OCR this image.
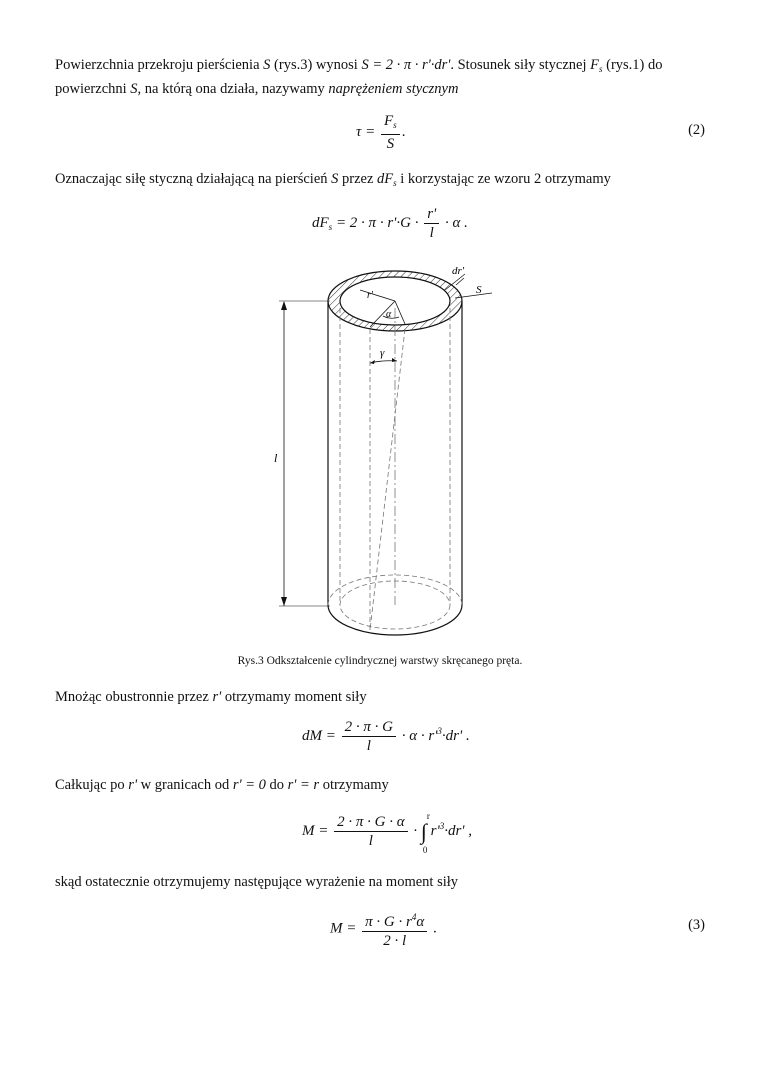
Powierzchnia przekroju pierścienia S (rys.3) wynosi S = 2 · π · r'·dr'. Stosunek siły stycznej $F_s$ (rys.1) do powierzchni S, na którą ona działa, nazywamy naprężeniem stycznym

$\tau = \frac{F_s}{S}$ .	(2)

Oznaczając siłę styczną działającą na pierścień S przez $dF_s$ i korzystając ze wzoru 2 otrzymamy

$dF_s = 2 \cdot \pi \cdot r'\cdot G \cdot \frac{r'}{l} \cdot \alpha$ .
dr'
S
r'
α
γ
l
Rys.3 Odkształcenie cylindrycznej warstwy skręcanego pręta.

Mnożąc obustronnie przez r' otrzymamy moment siły

dM = $\frac{2 \cdot \pi \cdot G}{l} \cdot \alpha \cdot r'^3\cdot dr'$ .

Całkując po r' w granicach od r' = 0 do r' = r otrzymamy

$M = \frac{2 \cdot \pi \cdot G \cdot \alpha}{l}$ · ∫
r
0
$r'^3\cdot dr'$ ,

skąd ostatecznie otrzymujemy następujące wyrażenie na moment siły

$M = \frac{\pi \cdot G \cdot r^4\alpha}{2 \cdot l}$ .	(3)
